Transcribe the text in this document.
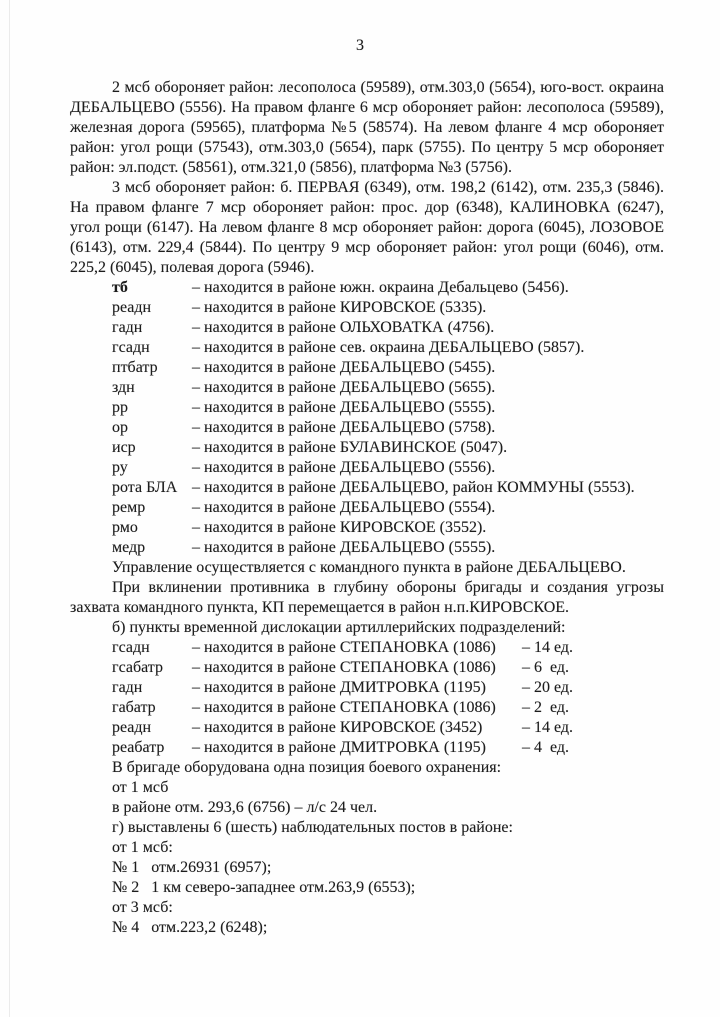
3

2 мсб обороняет район: лесополоса (59589), отм.303,0 (5654), юго-вост. окраина ДЕБАЛЬЦЕВО (5556). На правом фланге 6 мср обороняет район: лесополоса (59589), железная дорога (59565), платформа №5 (58574). На левом фланге 4 мср обороняет район: угол рощи (57543), отм.303,0 (5654), парк (5755). По центру 5 мср обороняет район: эл.подст. (58561), отм.321,0 (5856), платформа №3 (5756).

3 мсб обороняет район: б. ПЕРВАЯ (6349), отм. 198,2 (6142), отм. 235,3 (5846). На правом фланге 7 мср обороняет район: прос. дор (6348), КАЛИНОВКА (6247), угол рощи (6147). На левом фланге 8 мср обороняет район: дорога (6045), ЛОЗОВОЕ (6143), отм. 229,4 (5844). По центру 9 мср обороняет район: угол рощи (6046), отм. 225,2 (6045), полевая дорога (5946).

тб	– находится в районе южн. окраина Дебальцево (5456).
реадн	– находится в районе КИРОВСКОЕ (5335).
гадн	– находится в районе ОЛЬХОВАТКА (4756).
гсадн	– находится в районе сев. окраина ДЕБАЛЬЦЕВО (5857).
птбатр	– находится в районе ДЕБАЛЬЦЕВО (5455).
здн	– находится в районе ДЕБАЛЬЦЕВО (5655).
рр	– находится в районе ДЕБАЛЬЦЕВО (5555).
ор	– находится в районе ДЕБАЛЬЦЕВО (5758).
иср	– находится в районе БУЛАВИНСКОЕ (5047).
ру	– находится в районе ДЕБАЛЬЦЕВО (5556).
рота БЛА – находится в районе ДЕБАЛЬЦЕВО, район КОММУНЫ (5553).
ремр	– находится в районе ДЕБАЛЬЦЕВО (5554).
рмо	– находится в районе КИРОВСКОЕ (3552).
медр	– находится в районе ДЕБАЛЬЦЕВО (5555).

Управление осуществляется с командного пункта в районе ДЕБАЛЬЦЕВО.

При вклинении противника в глубину обороны бригады и создания угрозы захвата командного пункта, КП перемещается в район н.п.КИРОВСКОЕ.

б) пункты временной дислокации артиллерийских подразделений:
гсадн	– находится в районе СТЕПАНОВКА (1086)	– 14 ед.
гсабатр	– находится в районе СТЕПАНОВКА (1086)	– 6  ед.
гадн	– находится в районе ДМИТРОВКА (1195)	– 20 ед.
габатр	– находится в районе СТЕПАНОВКА (1086)	– 2  ед.
реадн	– находится в районе КИРОВСКОЕ (3452)	– 14 ед.
реабатр	– находится в районе ДМИТРОВКА (1195)	– 4  ед.
В бригаде оборудована одна позиция боевого охранения:
от 1 мсб
в районе отм. 293,6 (6756) – л/с 24 чел.
г) выставлены 6 (шесть) наблюдательных постов в районе:
от 1 мсб:
№ 1   отм.26931 (6957);
№ 2   1 км северо-западнее отм.263,9 (6553);
от 3 мсб:
№ 4   отм.223,2 (6248);
